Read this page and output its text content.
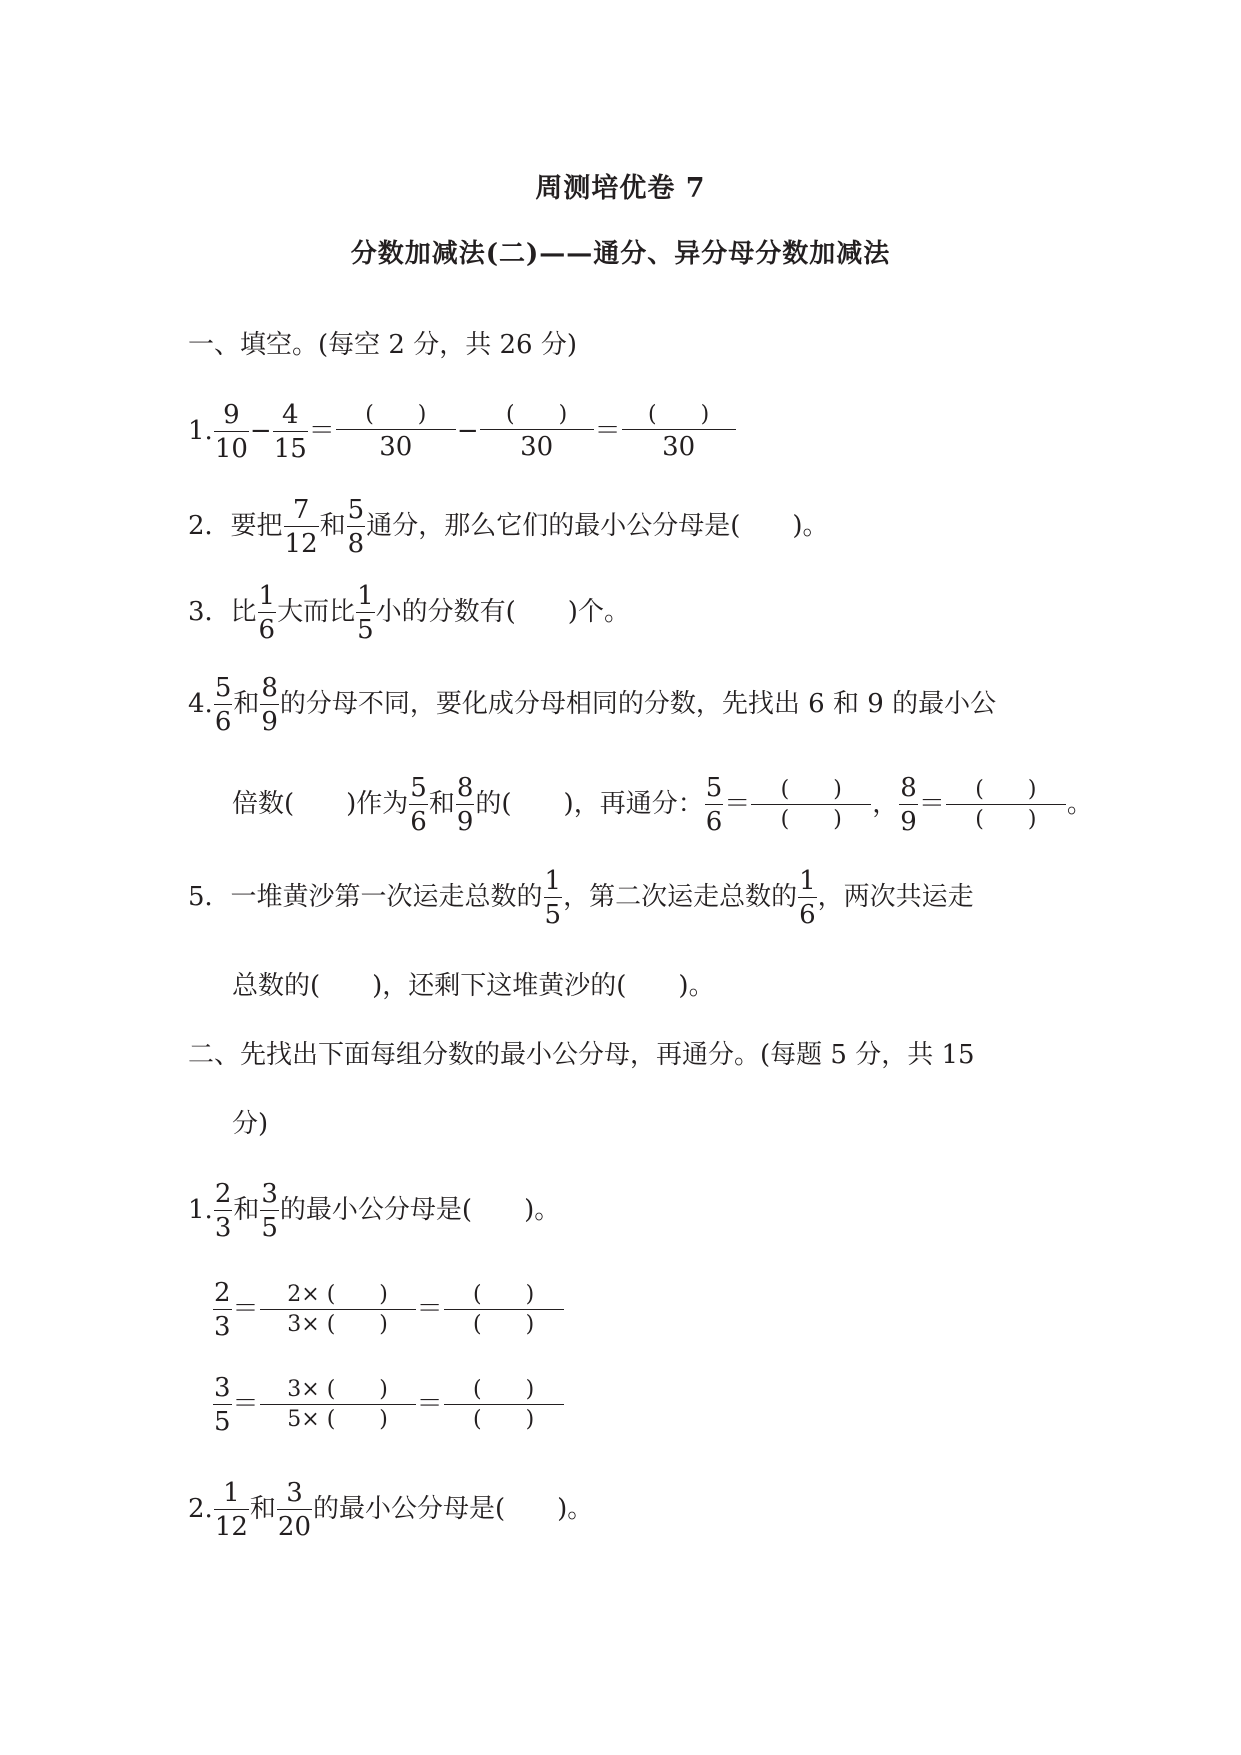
周测培优卷 7
分数加减法(二)——通分、异分母分数加减法
一、填空。(每空 2 分，共 26 分)
1. $\frac{9}{10} - \frac{4}{15} = \frac{( )}{30} - \frac{( )}{30} = \frac{( )}{30}$
2．要把 $\frac{7}{12}$ 和 $\frac{5}{8}$ 通分，那么它们的最小公分母是(　　)。
3．比 $\frac{1}{6}$ 大而比 $\frac{1}{5}$ 小的分数有(　　)个。
4. $\frac{5}{6}$ 和 $\frac{8}{9}$ 的分母不同，要化成分母相同的分数，先找出 6 和 9 的最小公
倍数(　　)作为 $\frac{5}{6}$ 和 $\frac{8}{9}$ 的(　　)，再通分： $\frac{5}{6} = \frac{( )}{( )}$ ， $\frac{8}{9} = \frac{( )}{( )}$ 。
5．一堆黄沙第一次运走总数的 $\frac{1}{5}$ ，第二次运走总数的 $\frac{1}{6}$ ，两次共运走
总数的(　　)，还剩下这堆黄沙的(　　)。
二、先找出下面每组分数的最小公分母，再通分。(每题 5 分，共 15
分)
1. $\frac{2}{3}$ 和 $\frac{3}{5}$ 的最小公分母是(　　)。
$\frac{2}{3} = \frac{2\times ( )}{3\times ( )} = \frac{( )}{( )}$
$\frac{3}{5} = \frac{3\times ( )}{5\times ( )} = \frac{( )}{( )}$
2. $\frac{1}{12}$ 和 $\frac{3}{20}$ 的最小公分母是(　　)。
